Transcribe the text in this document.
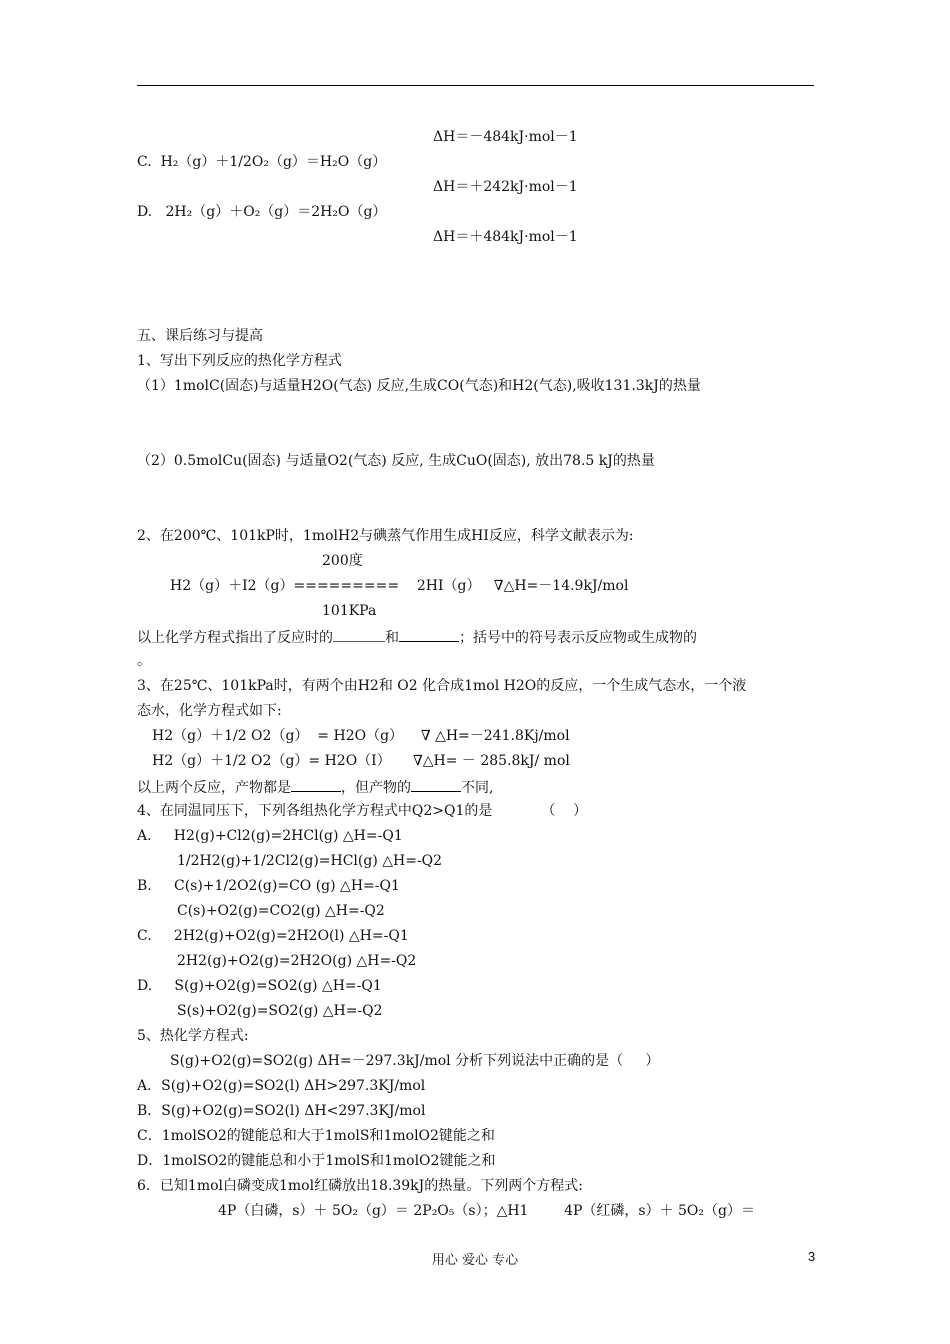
ΔH＝－484kJ·mol－1
C.  H₂（g）＋1/2O₂（g）＝H₂O（g）
ΔH＝＋242kJ·mol－1
D.   2H₂（g）＋O₂（g）＝2H₂O（g）
ΔH＝＋484kJ·mol－1
五、课后练习与提高
1、写出下列反应的热化学方程式
（1）1molC(固态)与适量H2O(气态) 反应,生成CO(气态)和H2(气态),吸收131.3kJ的热量
（2）0.5molCu(固态) 与适量O2(气态) 反应, 生成CuO(固态), 放出78.5 kJ的热量
2、在200℃、101kP时，1molH2与碘蒸气作用生成HI反应，科学文献表示为:
200度
H2（g）＋I2（g）=========    2HI（g）   ∇△H=－14.9kJ/mol
101KPa
以上化学方程式指出了反应时的	和	；括号中的符号表示反应物或生成物的
。
3、在25℃、101kPa时，有两个由H2和 O2 化合成1mol H2O的反应，一个生成气态水，一个液
态水，化学方程式如下:
H2（g）＋1/2 O2（g）  = H2O（g）    ∇ △H=－241.8Kj/mol
H2（g）＋1/2 O2（g）= H2O（I）     ∇△H= － 285.8kJ/ mol
以上两个反应，产物都是	，但产物的	不同,
4、在同温同压下，下列各组热化学方程式中Q2>Q1的是           （    ）
A.     H2(g)+Cl2(g)=2HCl(g) △H=-Q1
1/2H2(g)+1/2Cl2(g)=HCl(g) △H=-Q2
B.     C(s)+1/2O2(g)=CO (g) △H=-Q1
C(s)+O2(g)=CO2(g) △H=-Q2
C.     2H2(g)+O2(g)=2H2O(l) △H=-Q1
2H2(g)+O2(g)=2H2O(g) △H=-Q2
D.     S(g)+O2(g)=SO2(g) △H=-Q1
S(s)+O2(g)=SO2(g) △H=-Q2
5、热化学方程式:
S(g)+O2(g)=SO2(g) ΔH=－297.3kJ/mol 分析下列说法中正确的是（     ）
A．S(g)+O2(g)=SO2(l) ΔH>297.3KJ/mol
B．S(g)+O2(g)=SO2(l) ΔH<297.3KJ/mol
C．1molSO2的键能总和大于1molS和1molO2键能之和
D．1molSO2的键能总和小于1molS和1molO2键能之和
6．已知1mol白磷变成1mol红磷放出18.39kJ的热量。下列两个方程式:
4P（白磷，s）＋ 5O₂（g）＝ 2P₂O₅（s）；△H1        4P（红磷，s）＋ 5O₂（g）＝
用心 爱心 专心	3
